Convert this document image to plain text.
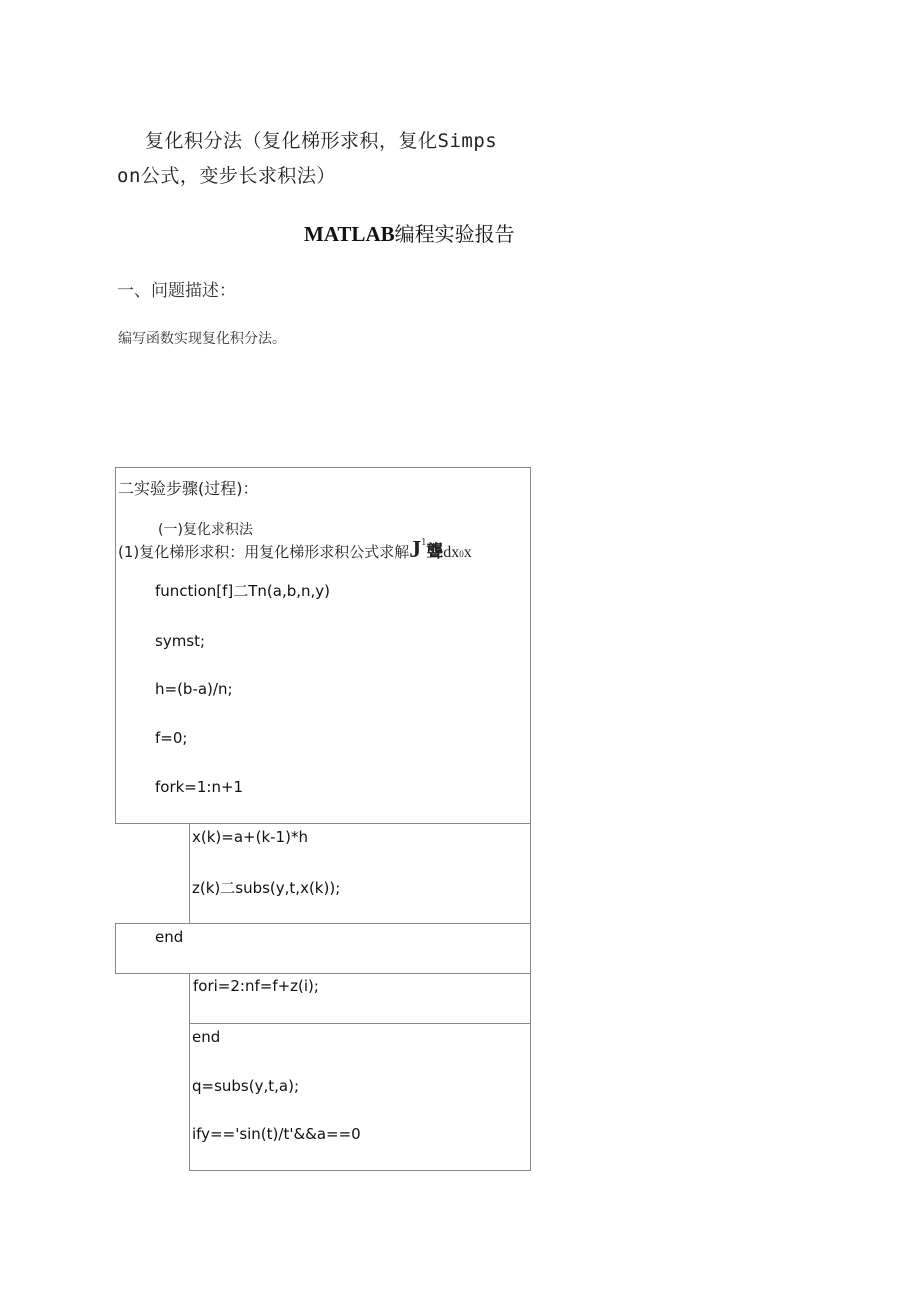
复化积分法（复化梯形求积，复化Simps
on公式，变步长求积法）
MATLAB编程实验报告
一、问题描述：
编写函数实现复化积分法。
二实验步骤(过程)：
(一)复化求积法
(1)复化梯形求积：用复化梯形求积公式求解$J^1$聾dx0x
function[f]二Tn(a,b,n,y)
symst;
h=(b-a)/n;
f=0;
fork=1:n+1
x(k)=a+(k-1)*h
z(k)二subs(y,t,x(k));
end
fori=2:nf=f+z(i);
end
q=subs(y,t,a);
ify=='sin(t)/t'&&a==0
